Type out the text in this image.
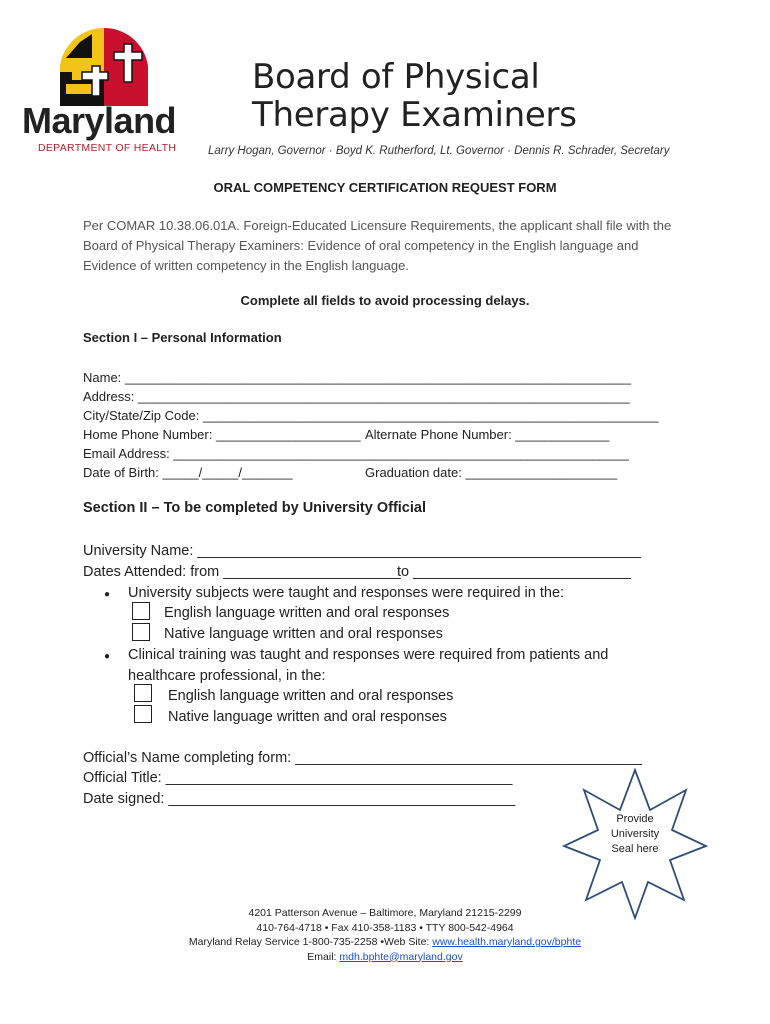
Maryland
DEPARTMENT OF HEALTH
Board of Physical
Therapy Examiners
Larry Hogan, Governor · Boyd K. Rutherford, Lt. Governor · Dennis R. Schrader, Secretary
ORAL COMPETENCY CERTIFICATION REQUEST FORM
Per COMAR 10.38.06.01A. Foreign-Educated Licensure Requirements, the applicant shall file with the Board of Physical Therapy Examiners: Evidence of oral competency in the English language and Evidence of written competency in the English language.
Complete all fields to avoid processing delays.
Section I – Personal Information
Name: ______________________________________________________________________
Address: ____________________________________________________________________
City/State/Zip Code: _______________________________________________________________
Home Phone Number: ____________________ Alternate Phone Number: _____________
Email Address: _______________________________________________________________
Date of Birth: _____/_____/_______	Graduation date: _____________________
Section II – To be completed by University Official
University Name: _______________________________________________________
Dates Attended: from ______________________
to ___________________________
● University subjects were taught and responses were required in the:
English language written and oral responses
Native language written and oral responses
● Clinical training was taught and responses were required from patients and
healthcare professional, in the:
English language written and oral responses
Native language written and oral responses
Official’s Name completing form: ___________________________________________
Official Title: ___________________________________________
Date signed: ___________________________________________
Provide
University
Seal here
4201 Patterson Avenue – Baltimore, Maryland 21215-2299
410-764-4718 • Fax 410-358-1183 • TTY 800-542-4964
Maryland Relay Service 1-800-735-2258 •Web Site: www.health.maryland.gov/bphte
Email: mdh.bphte@maryland.gov
